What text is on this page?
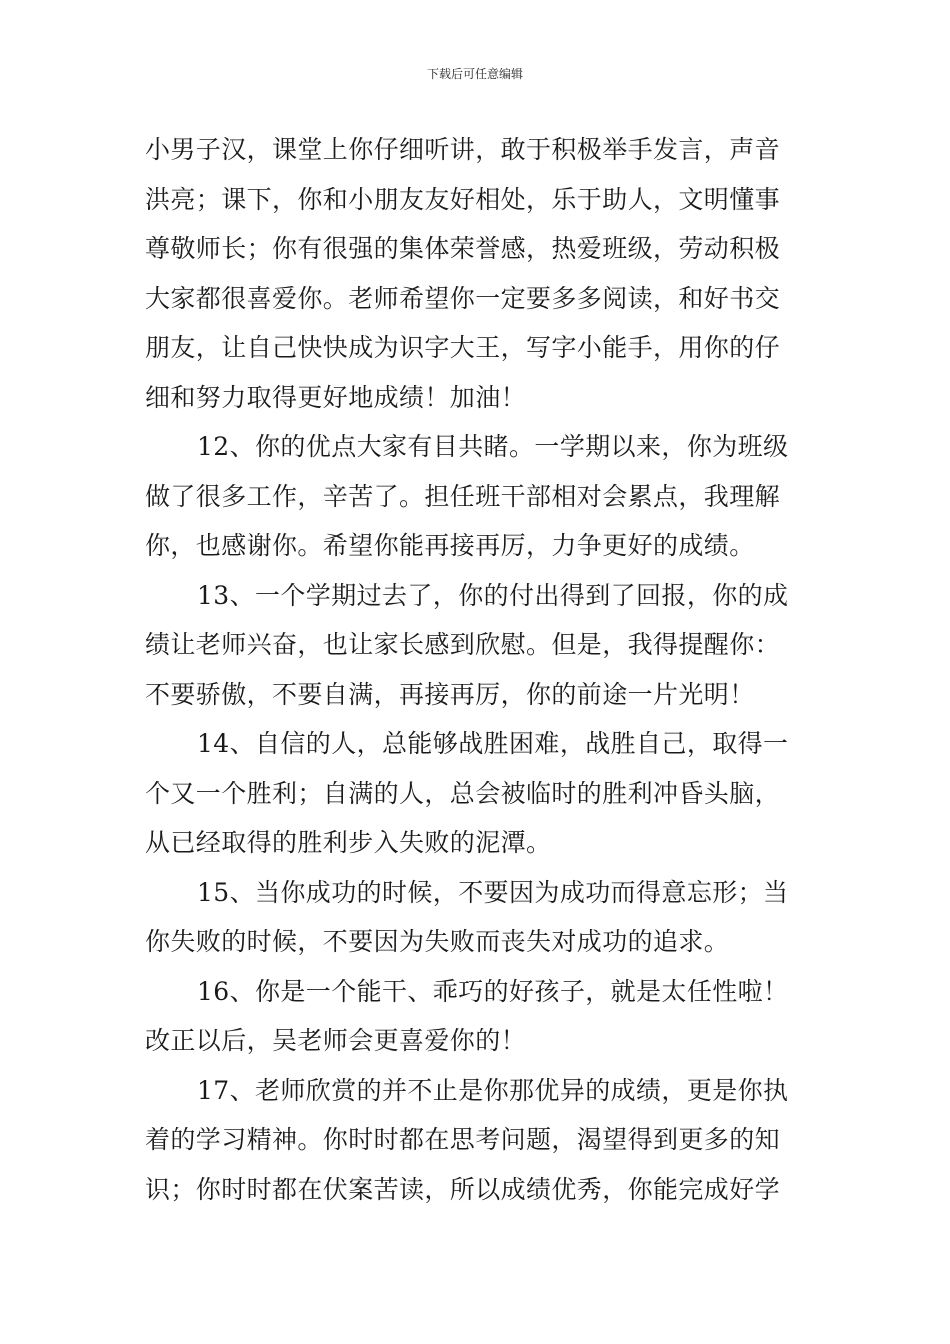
下载后可任意编辑
小男子汉，课堂上你仔细听讲，敢于积极举手发言，声音
洪亮；课下，你和小朋友友好相处，乐于助人，文明懂事
尊敬师长；你有很强的集体荣誉感，热爱班级，劳动积极
大家都很喜爱你。老师希望你一定要多多阅读，和好书交
朋友，让自己快快成为识字大王，写字小能手，用你的仔
细和努力取得更好地成绩！加油！
12、你的优点大家有目共睹。一学期以来，你为班级
做了很多工作，辛苦了。担任班干部相对会累点，我理解
你，也感谢你。希望你能再接再厉，力争更好的成绩。
13、一个学期过去了，你的付出得到了回报，你的成
绩让老师兴奋，也让家长感到欣慰。但是，我得提醒你：
不要骄傲，不要自满，再接再厉，你的前途一片光明！
14、自信的人，总能够战胜困难，战胜自己，取得一
个又一个胜利；自满的人，总会被临时的胜利冲昏头脑，
从已经取得的胜利步入失败的泥潭。
15、当你成功的时候，不要因为成功而得意忘形；当
你失败的时候，不要因为失败而丧失对成功的追求。
16、你是一个能干、乖巧的好孩子，就是太任性啦！
改正以后，吴老师会更喜爱你的！
17、老师欣赏的并不止是你那优异的成绩，更是你执
着的学习精神。你时时都在思考问题，渴望得到更多的知
识；你时时都在伏案苦读，所以成绩优秀，你能完成好学
